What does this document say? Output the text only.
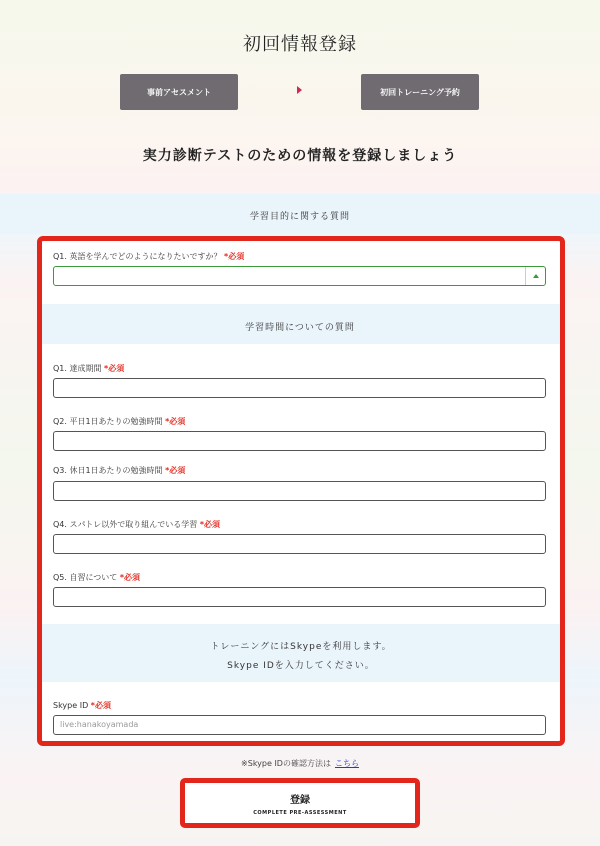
初回情報登録
事前アセスメント	初回トレーニング予約
実力診断テストのための情報を登録しましょう
学習目的に関する質問
Q1. 英語を学んでどのようになりたいですか？ *必須
学習時間についての質問
Q1. 達成期間 *必須
Q2. 平日1日あたりの勉強時間 *必須
Q3. 休日1日あたりの勉強時間 *必須
Q4. スパトレ以外で取り組んでいる学習 *必須
Q5. 自習について *必須
トレーニングにはSkypeを利用します。
Skype IDを入力してください。
Skype ID *必須
live:hanakoyamada
※Skype IDの確認方法は こちら
登録
COMPLETE PRE-ASSESSMENT
